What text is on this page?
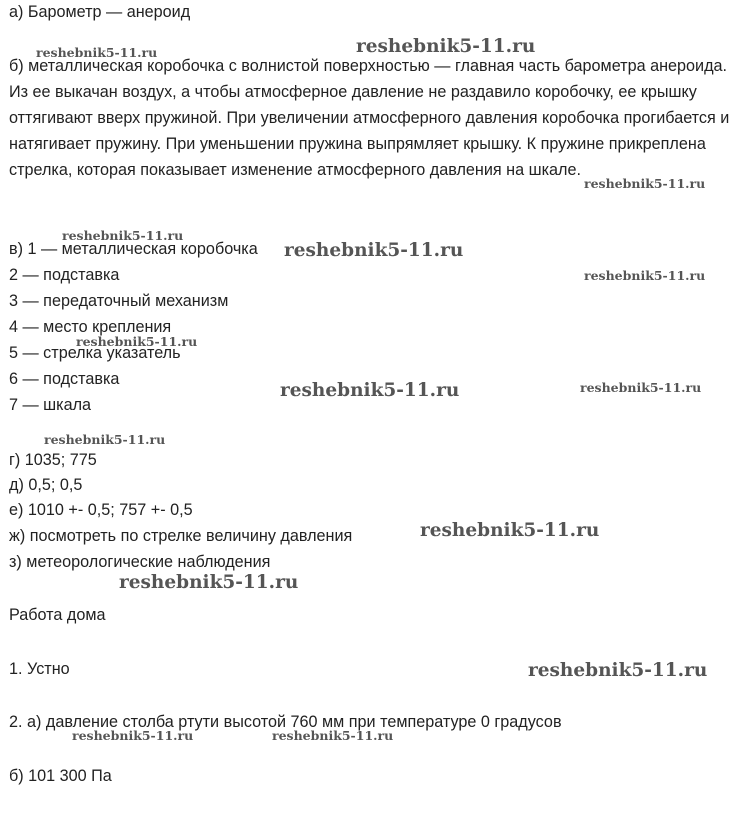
а) Барометр — анероид
б) металлическая коробочка с волнистой поверхностью — главная часть барометра анероида. Из ее выкачан воздух, а чтобы атмосферное давление не раздавило коробочку, ее крышку оттягивают вверх пружиной. При увеличении атмосферного давления коробочка прогибается и натягивает пружину. При уменьшении пружина выпрямляет крышку. К пружине прикреплена стрелка, которая показывает изменение атмосферного давления на шкале.
в) 1 — металлическая коробочка
2 — подставка
3 — передаточный механизм
4 — место крепления
5 — стрелка указатель
6 — подставка
7 — шкала
г) 1035; 775
д) 0,5; 0,5
е) 1010 +- 0,5; 757 +- 0,5
ж) посмотреть по стрелке величину давления
з) метеорологические наблюдения
Работа дома
1. Устно
2. а) давление столба ртути высотой 760 мм при температуре 0 градусов
б) 101 300 Па
reshebnik5-11.ru	reshebnik5-11.ru
reshebnik5-11.ru
reshebnik5-11.ru
reshebnik5-11.ru
reshebnik5-11.ru
reshebnik5-11.ru
reshebnik5-11.ru	reshebnik5-11.ru
reshebnik5-11.ru
reshebnik5-11.ru
reshebnik5-11.ru
reshebnik5-11.ru
reshebnik5-11.ru	reshebnik5-11.ru
